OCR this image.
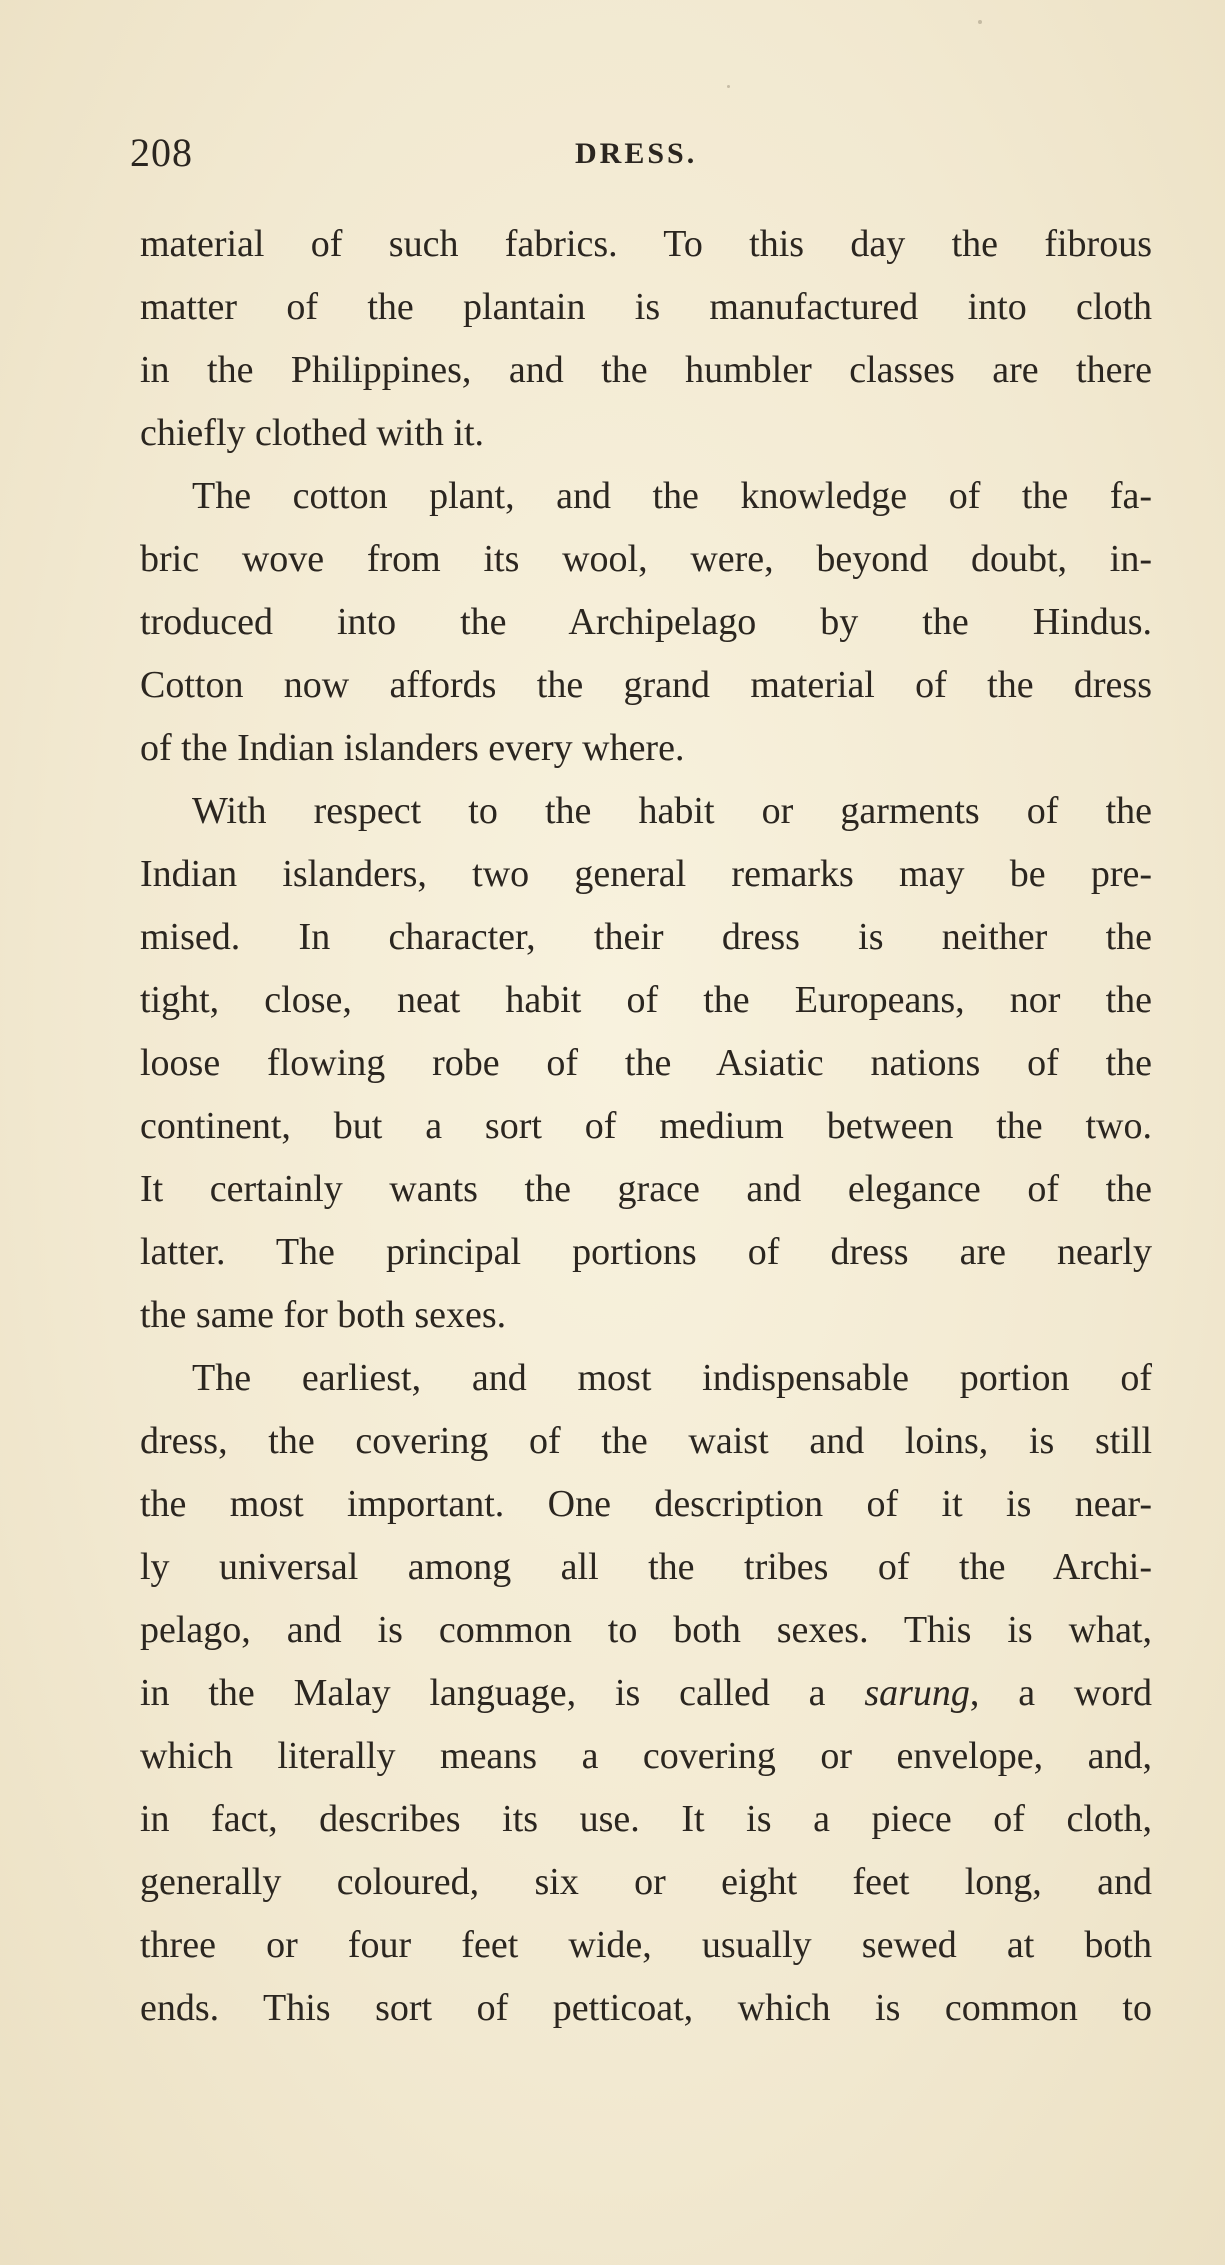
208	DRESS.
material of such fabrics. To this day the fibrous
matter of the plantain is manufactured into cloth
in the Philippines, and the humbler classes are there
chiefly clothed with it.
The cotton plant, and the knowledge of the fa-
bric wove from its wool, were, beyond doubt, in-
troduced into the Archipelago by the Hindus.
Cotton now affords the grand material of the dress
of the Indian islanders every where.
With respect to the habit or garments of the
Indian islanders, two general remarks may be pre-
mised. In character, their dress is neither the
tight, close, neat habit of the Europeans, nor the
loose flowing robe of the Asiatic nations of the
continent, but a sort of medium between the two.
It certainly wants the grace and elegance of the
latter. The principal portions of dress are nearly
the same for both sexes.
The earliest, and most indispensable portion of
dress, the covering of the waist and loins, is still
the most important. One description of it is near-
ly universal among all the tribes of the Archi-
pelago, and is common to both sexes. This is what,
in the Malay language, is called a sarung, a word
which literally means a covering or envelope, and,
in fact, describes its use. It is a piece of cloth,
generally coloured, six or eight feet long, and
three or four feet wide, usually sewed at both
ends. This sort of petticoat, which is common to
